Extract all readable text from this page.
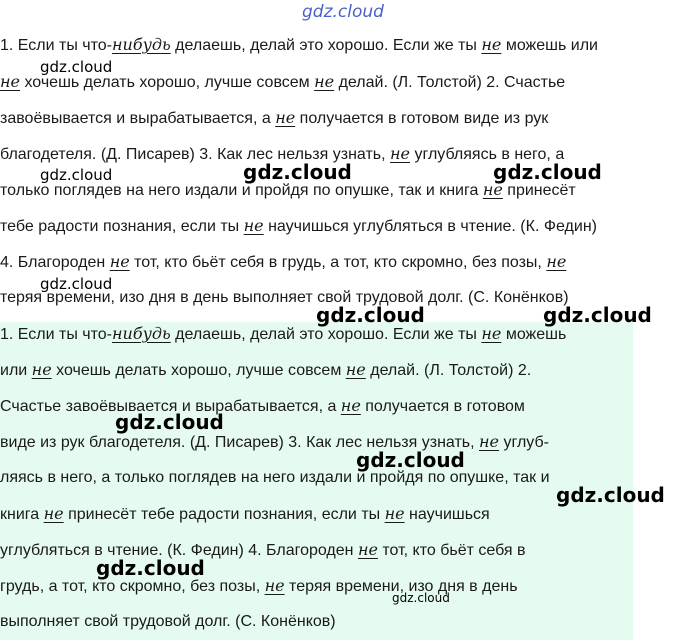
1. Если ты что-нибудь делаешь, делай это хорошо. Если же ты не можешь или
не хочешь делать хорошо, лучше совсем не делай. (Л. Толстой) 2. Счастье
завоёвывается и вырабатывается, а не получается в готовом виде из рук
благодетеля. (Д. Писарев) 3. Как лес нельзя узнать, не углубляясь в него, а
только поглядев на него издали и пройдя по опушке, так и книга не принесёт
тебе радости познания, если ты не научишься углубляться в чтение. (К. Федин)
4. Благороден не тот, кто бьёт себя в грудь, а тот, кто скромно, без позы, не
теряя времени, изо дня в день выполняет свой трудовой долг. (С. Конёнков)
1. Если ты что-нибудь делаешь, делай это хорошо. Если же ты не можешь
или не хочешь делать хорошо, лучше совсем не делай. (Л. Толстой) 2.
Счастье завоёвывается и вырабатывается, а не получается в готовом
виде из рук благодетеля. (Д. Писарев) 3. Как лес нельзя узнать, не углуб-
ляясь в него, а только поглядев на него издали и пройдя по опушке, так и
книга не принесёт тебе радости познания, если ты не научишься
углубляться в чтение. (К. Федин) 4. Благороден не тот, кто бьёт себя в
грудь, а тот, кто скромно, без позы, не теряя времени, изо дня в день
выполняет свой трудовой долг. (С. Конёнков)
gdz.cloud
gdz.cloud
gdz.cloud	gdz.cloud	gdz.cloud
gdz.cloud
gdz.cloud	gdz.cloud
gdz.cloud
gdz.cloud
gdz.cloud
gdz.cloud
gdz.cloud
